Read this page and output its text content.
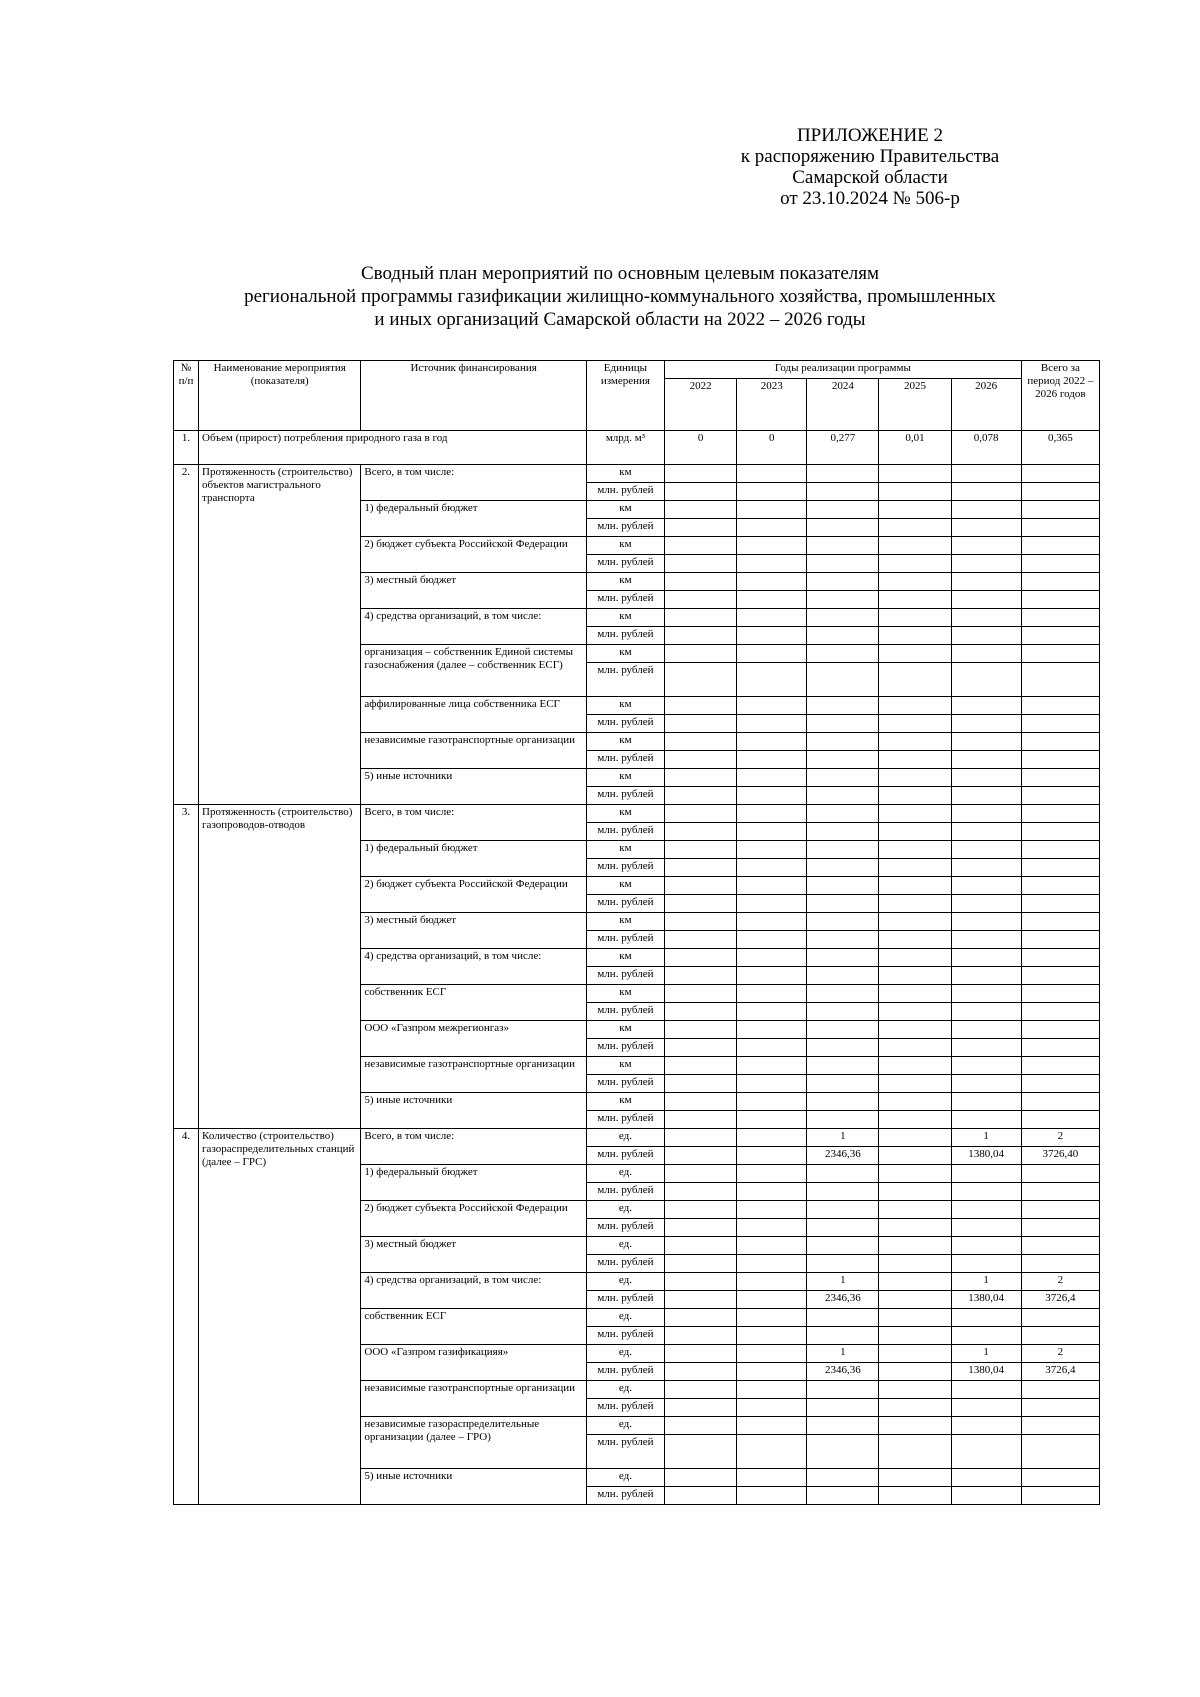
ПРИЛОЖЕНИЕ 2
к распоряжению Правительства
Самарской области
от 23.10.2024 № 506-р
Сводный план мероприятий по основным целевым показателям
региональной программы газификации жилищно-коммунального хозяйства, промышленных
и иных организаций Самарской области на 2022 – 2026 годы
№ п/п	Наименование мероприятия (показателя)	Источник финансирования	Единицы измерения	Годы реализации программы					Всего за период 2022 – 2026 годов
				2022	2023	2024	2025	2026	
1.	Объем (прирост) потребления природного газа в год		млрд. м³	0	0	0,277	0,01	0,078	0,365
2.	Протяженность (строительство) объектов магистрального транспорта	Всего, в том числе:	км						
			млн. рублей						
		1) федеральный бюджет	км						
			млн. рублей						
		2) бюджет субъекта Российской Федерации	км						
			млн. рублей						
		3) местный бюджет	км						
			млн. рублей						
		4) средства организаций, в том числе:	км						
			млн. рублей						
		организация – собственник Единой системы газоснабжения (далее – собственник ЕСГ)	км						
			млн. рублей						
		аффилированные лица собственника ЕСГ	км						
			млн. рублей						
		независимые газотранспортные организации	км						
			млн. рублей						
		5) иные источники	км						
			млн. рублей						
3.	Протяженность (строительство) газопроводов-отводов	Всего, в том числе:	км						
			млн. рублей						
		1) федеральный бюджет	км						
			млн. рублей						
		2) бюджет субъекта Российской Федерации	км						
			млн. рублей						
		3) местный бюджет	км						
			млн. рублей						
		4) средства организаций, в том числе:	км						
			млн. рублей						
		собственник ЕСГ	км						
			млн. рублей						
		ООО «Газпром межрегионгаз»	км						
			млн. рублей						
		независимые газотранспортные организации	км						
			млн. рублей						
		5) иные источники	км						
			млн. рублей						
4.	Количество (строительство) газораспределительных станций (далее – ГРС)	Всего, в том числе:	ед.			1		1	2
			млн. рублей			2346,36		1380,04	3726,40
		1) федеральный бюджет	ед.						
			млн. рублей						
		2) бюджет субъекта Российской Федерации	ед.						
			млн. рублей						
		3) местный бюджет	ед.						
			млн. рублей						
		4) средства организаций, в том числе:	ед.			1		1	2
			млн. рублей			2346,36		1380,04	3726,4
		собственник ЕСГ	ед.						
			млн. рублей						
		ООО «Газпром газификацияя»	ед.			1		1	2
			млн. рублей			2346,36		1380,04	3726,4
		независимые газотранспортные организации	ед.						
			млн. рублей						
		независимые газораспределительные организации (далее – ГРО)	ед.						
			млн. рублей						
		5) иные источники	ед.						
			млн. рублей						
